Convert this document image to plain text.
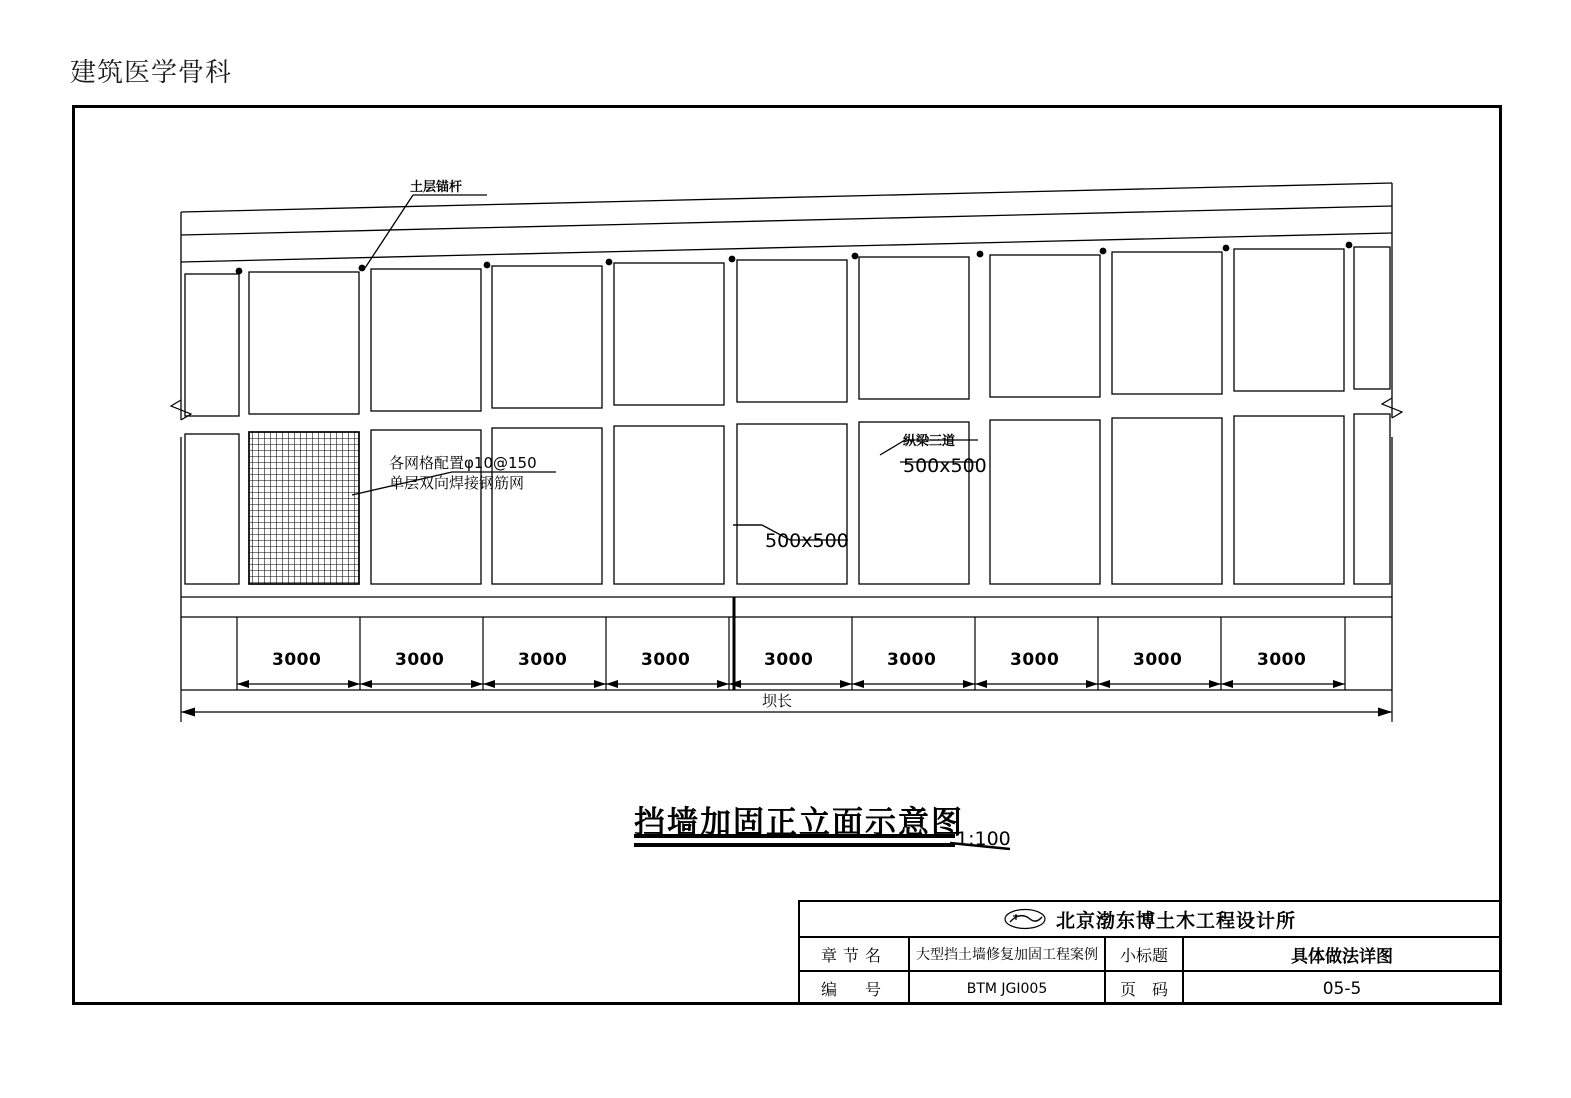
建筑医学骨科
土层锚杆
各网格配置φ10@150
单层双向焊接钢筋网
纵梁三道
500x500
500x500
坝长
3000	3000	3000	3000	3000	3000	3000	3000	3000
挡墙加固正立面示意图
1:100
北京渤东博土木工程设计所
章节名	大型挡土墙修复加固工程案例	小标题	具体做法详图
编　号	BTM JGI005	页　码	05-5
